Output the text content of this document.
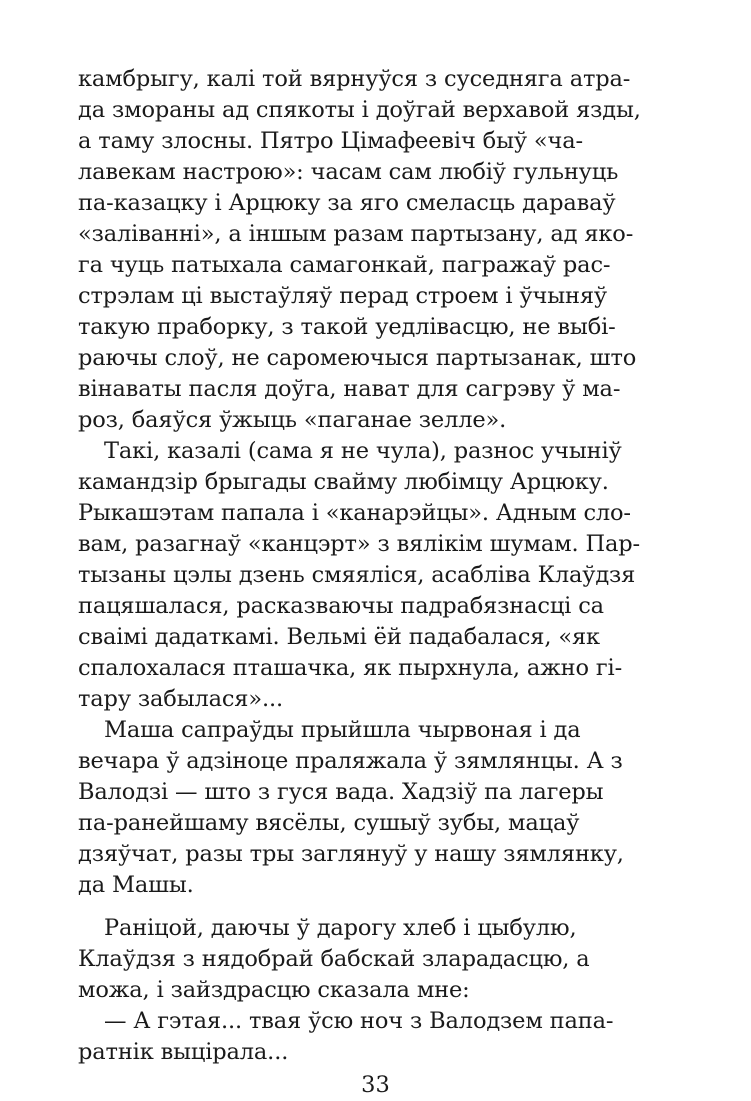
камбрыгу, калі той вярнуўся з суседняга атра-
да зморaны ад спякоты і доўгай верхавой язды,
а таму злосны. Пятро Цімафеевіч быў «ча-
лавекам настрою»: часам сам любіў гульнуць
па-казацку і Арцюку за яго смеласць дараваў
«заліванні», а іншым разам партызану, ад яко-
га чуць патыхала самагонкай, пагражаў рас-
стрэлам ці выстаўляў перад строем і ўчыняў
такую праборку, з такой уедлівасцю, не выбі-
раючы слоў, не саромеючыся партызанак, што
вінаваты пасля доўга, нават для сагрэву ў ма-
роз, баяўся ўжыць «паганае зелле».
Такі, казалі (сама я не чула), разнос учыніў
камандзір брыгады свайму любімцу Арцюку.
Рыкашэтам папала і «канарэйцы». Адным сло-
вам, разагнаў «канцэрт» з вялікім шумам. Пар-
тызаны цэлы дзень смяяліся, асабліва Клаўдзя
пацяшалася, расказваючы падрабязнасці са
сваімі дадаткамі. Вельмі ёй падабалася, «як
спалохалася пташачка, як пырхнула, ажно гі-
тару забылася»...
Маша сапраўды прыйшла чырвоная і да
вечара ў адзіноце праляжала ў зямлянцы. А з
Валодзі — што з гуся вада. Хадзіў па лагеры
па-ранейшаму вясёлы, сушыў зубы, мацаў
дзяўчат, разы тры заглянуў у нашу зямлянку,
да Машы.
Раніцой, даючы ў дарогу хлеб і цыбулю,
Клаўдзя з нядобрай бабскай зларадасцю, а
можа, і зайздрасцю сказала мне:
— А гэтая... твая ўсю ноч з Валодзем папа-
ратнік выцірала...
33
